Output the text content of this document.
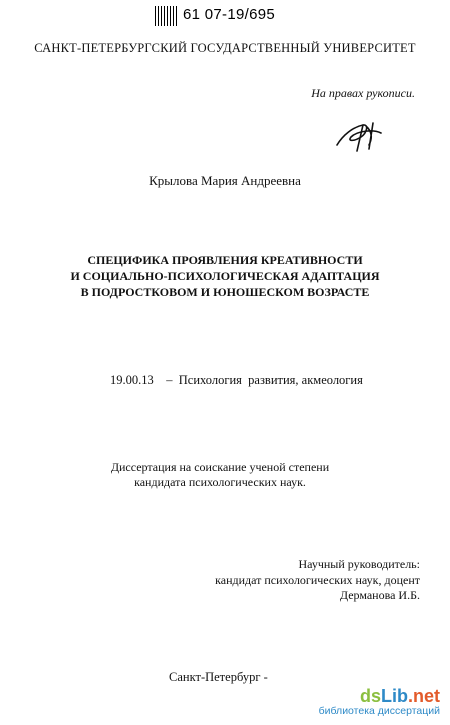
61 07-19/695
САНКТ-ПЕТЕРБУРГСКИЙ ГОСУДАРСТВЕННЫЙ УНИВЕРСИТЕТ
На правах рукописи.
Крылова Мария Андреевна
СПЕЦИФИКА ПРОЯВЛЕНИЯ КРЕАТИВНОСТИ
И СОЦИАЛЬНО-ПСИХОЛОГИЧЕСКАЯ АДАПТАЦИЯ
В ПОДРОСТКОВОМ И ЮНОШЕСКОМ ВОЗРАСТЕ
19.00.13    –  Психология  развития, акмеология
Диссертация на соискание ученой степени
кандидата психологических наук.
Научный руководитель:
кандидат психологических наук, доцент
Дерманова И.Б.
Санкт-Петербург -
dsLib.net
библиотека диссертаций
